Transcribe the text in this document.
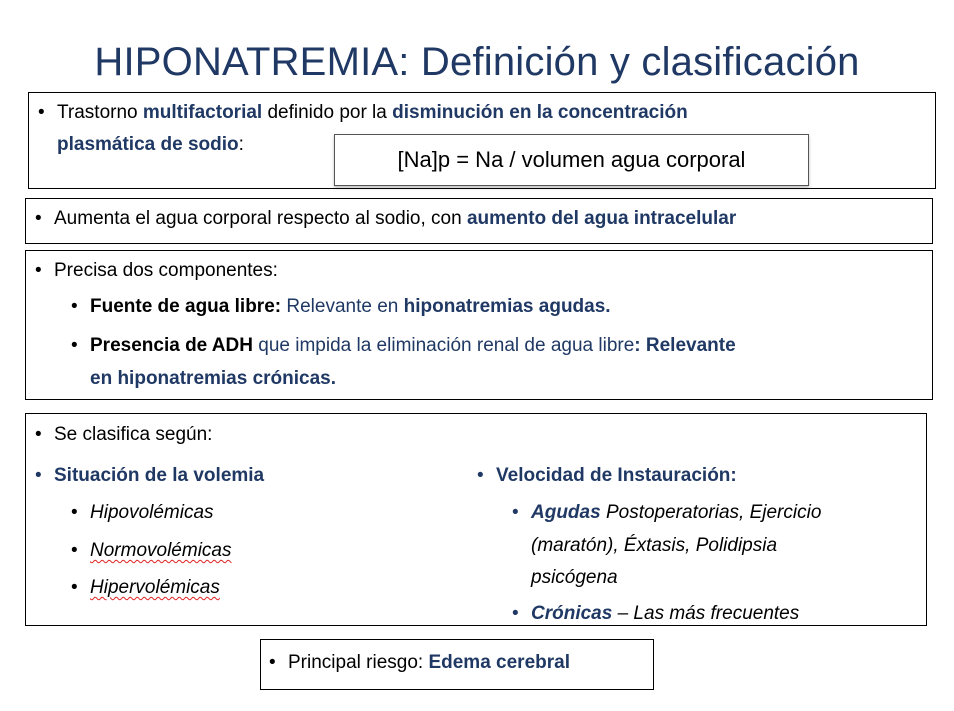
HIPONATREMIA: Definición y clasificación
• Trastorno multifactorial definido por la disminución en la concentración
plasmática de sodio:
[Na]p = Na / volumen agua corporal
• Aumenta el agua corporal respecto al sodio, con aumento del agua intracelular
• Precisa dos componentes:
• Fuente de agua libre: Relevante en hiponatremias agudas.
• Presencia de ADH que impida la eliminación renal de agua libre: Relevante
en hiponatremias crónicas.
• Se clasifica según:
• Situación de la volemia
• Hipovolémicas
• Normovolémicas
• Hipervolémicas
• Velocidad de Instauración:
• Agudas Postoperatorias, Ejercicio
(maratón), Éxtasis, Polidipsia
psicógena
• Crónicas – Las más frecuentes
• Principal riesgo: Edema cerebral
